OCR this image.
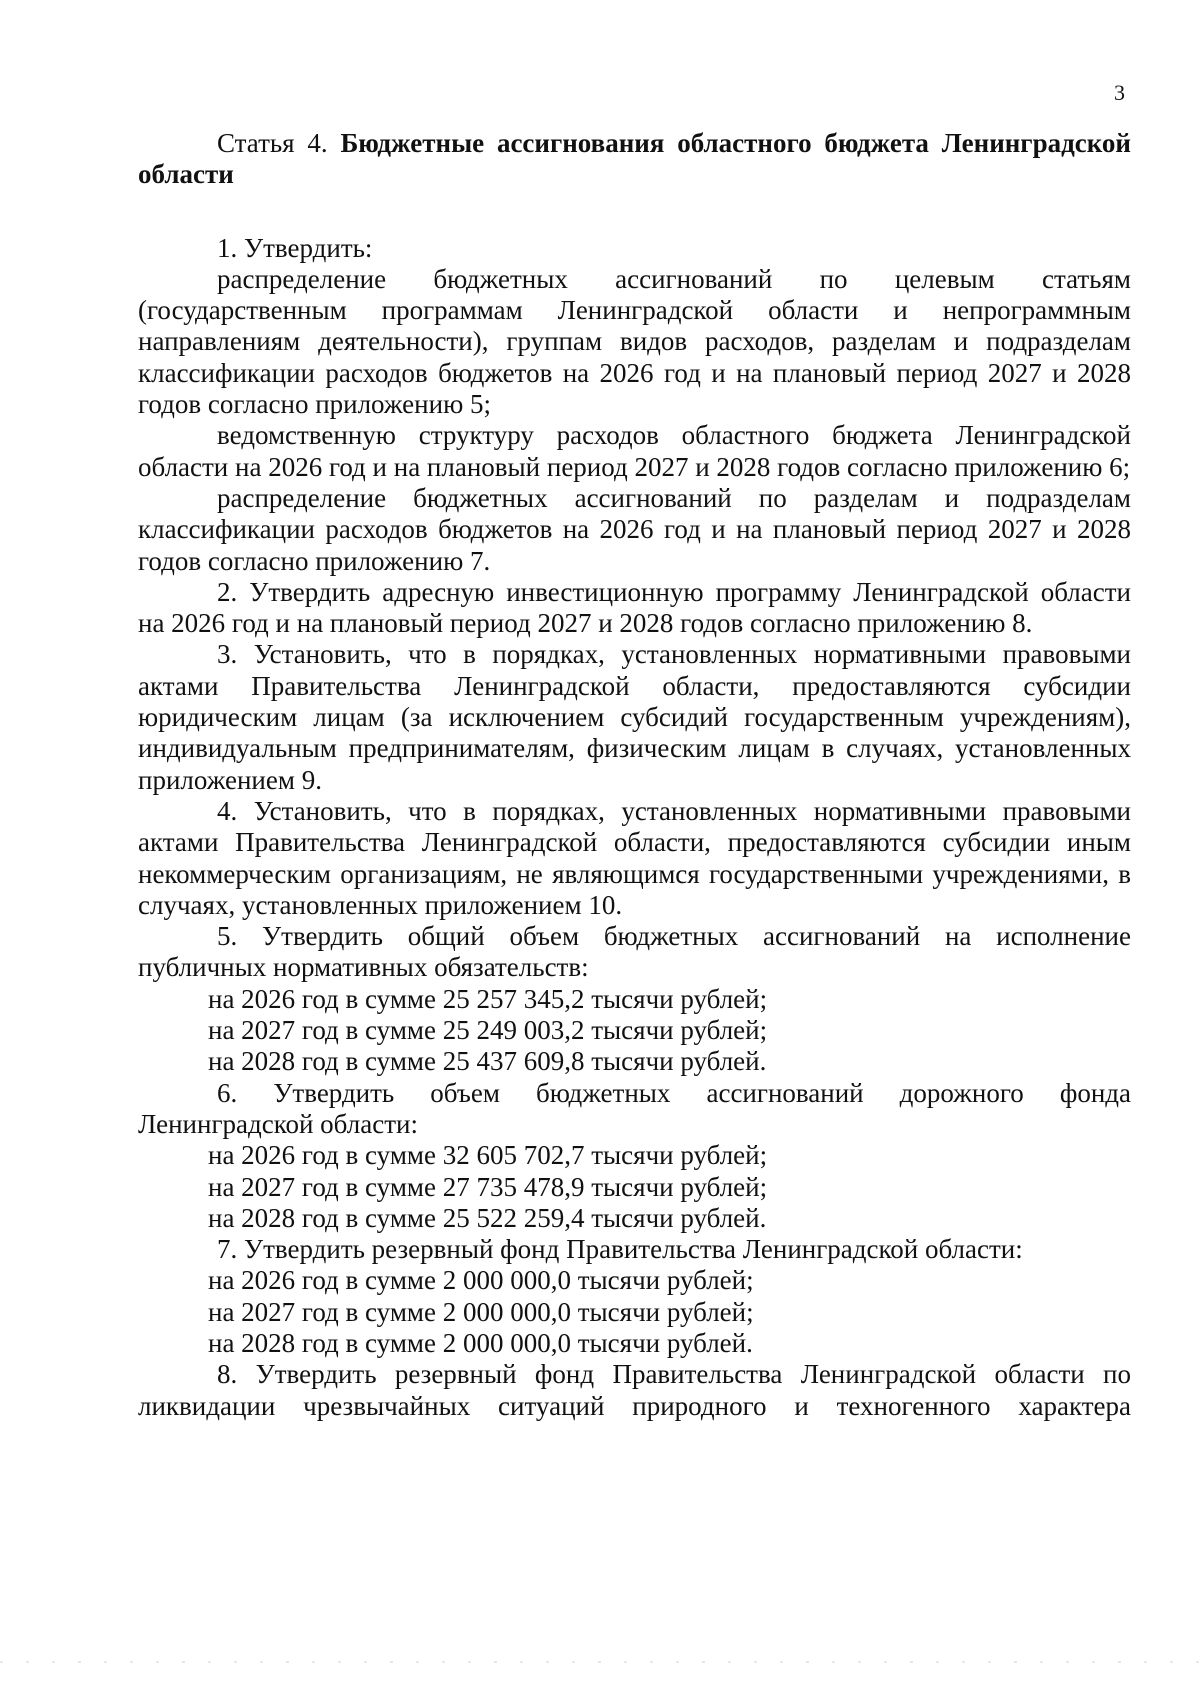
3

Статья 4. Бюджетные ассигнования областного бюджета Ленинградской области

1. Утвердить:

распределение бюджетных ассигнований по целевым статьям (государственным программам Ленинградской области и непрограммным направлениям деятельности), группам видов расходов, разделам и подразделам классификации расходов бюджетов на 2026 год и на плановый период 2027 и 2028 годов согласно приложению 5;

ведомственную структуру расходов областного бюджета Ленинградской области на 2026 год и на плановый период 2027 и 2028 годов согласно приложению 6;

распределение бюджетных ассигнований по разделам и подразделам классификации расходов бюджетов на 2026 год и на плановый период 2027 и 2028 годов согласно приложению 7.

2. Утвердить адресную инвестиционную программу Ленинградской области на 2026 год и на плановый период 2027 и 2028 годов согласно приложению 8.

3. Установить, что в порядках, установленных нормативными правовыми актами Правительства Ленинградской области, предоставляются субсидии юридическим лицам (за исключением субсидий государственным учреждениям), индивидуальным предпринимателям, физическим лицам в случаях, установленных приложением 9.

4. Установить, что в порядках, установленных нормативными правовыми актами Правительства Ленинградской области, предоставляются субсидии иным некоммерческим организациям, не являющимся государственными учреждениями, в случаях, установленных приложением 10.

5. Утвердить общий объем бюджетных ассигнований на исполнение публичных нормативных обязательств:

на 2026 год в сумме 25 257 345,2 тысячи рублей;

на 2027 год в сумме 25 249 003,2 тысячи рублей;

на 2028 год в сумме 25 437 609,8 тысячи рублей.

6. Утвердить объем бюджетных ассигнований дорожного фонда Ленинградской области:

на 2026 год в сумме 32 605 702,7 тысячи рублей;

на 2027 год в сумме 27 735 478,9 тысячи рублей;

на 2028 год в сумме 25 522 259,4 тысячи рублей.

7. Утвердить резервный фонд Правительства Ленинградской области:

на 2026 год в сумме 2 000 000,0 тысячи рублей;

на 2027 год в сумме 2 000 000,0 тысячи рублей;

на 2028 год в сумме 2 000 000,0 тысячи рублей.

8. Утвердить резервный фонд Правительства Ленинградской области по ликвидации чрезвычайных ситуаций природного и техногенного характера
